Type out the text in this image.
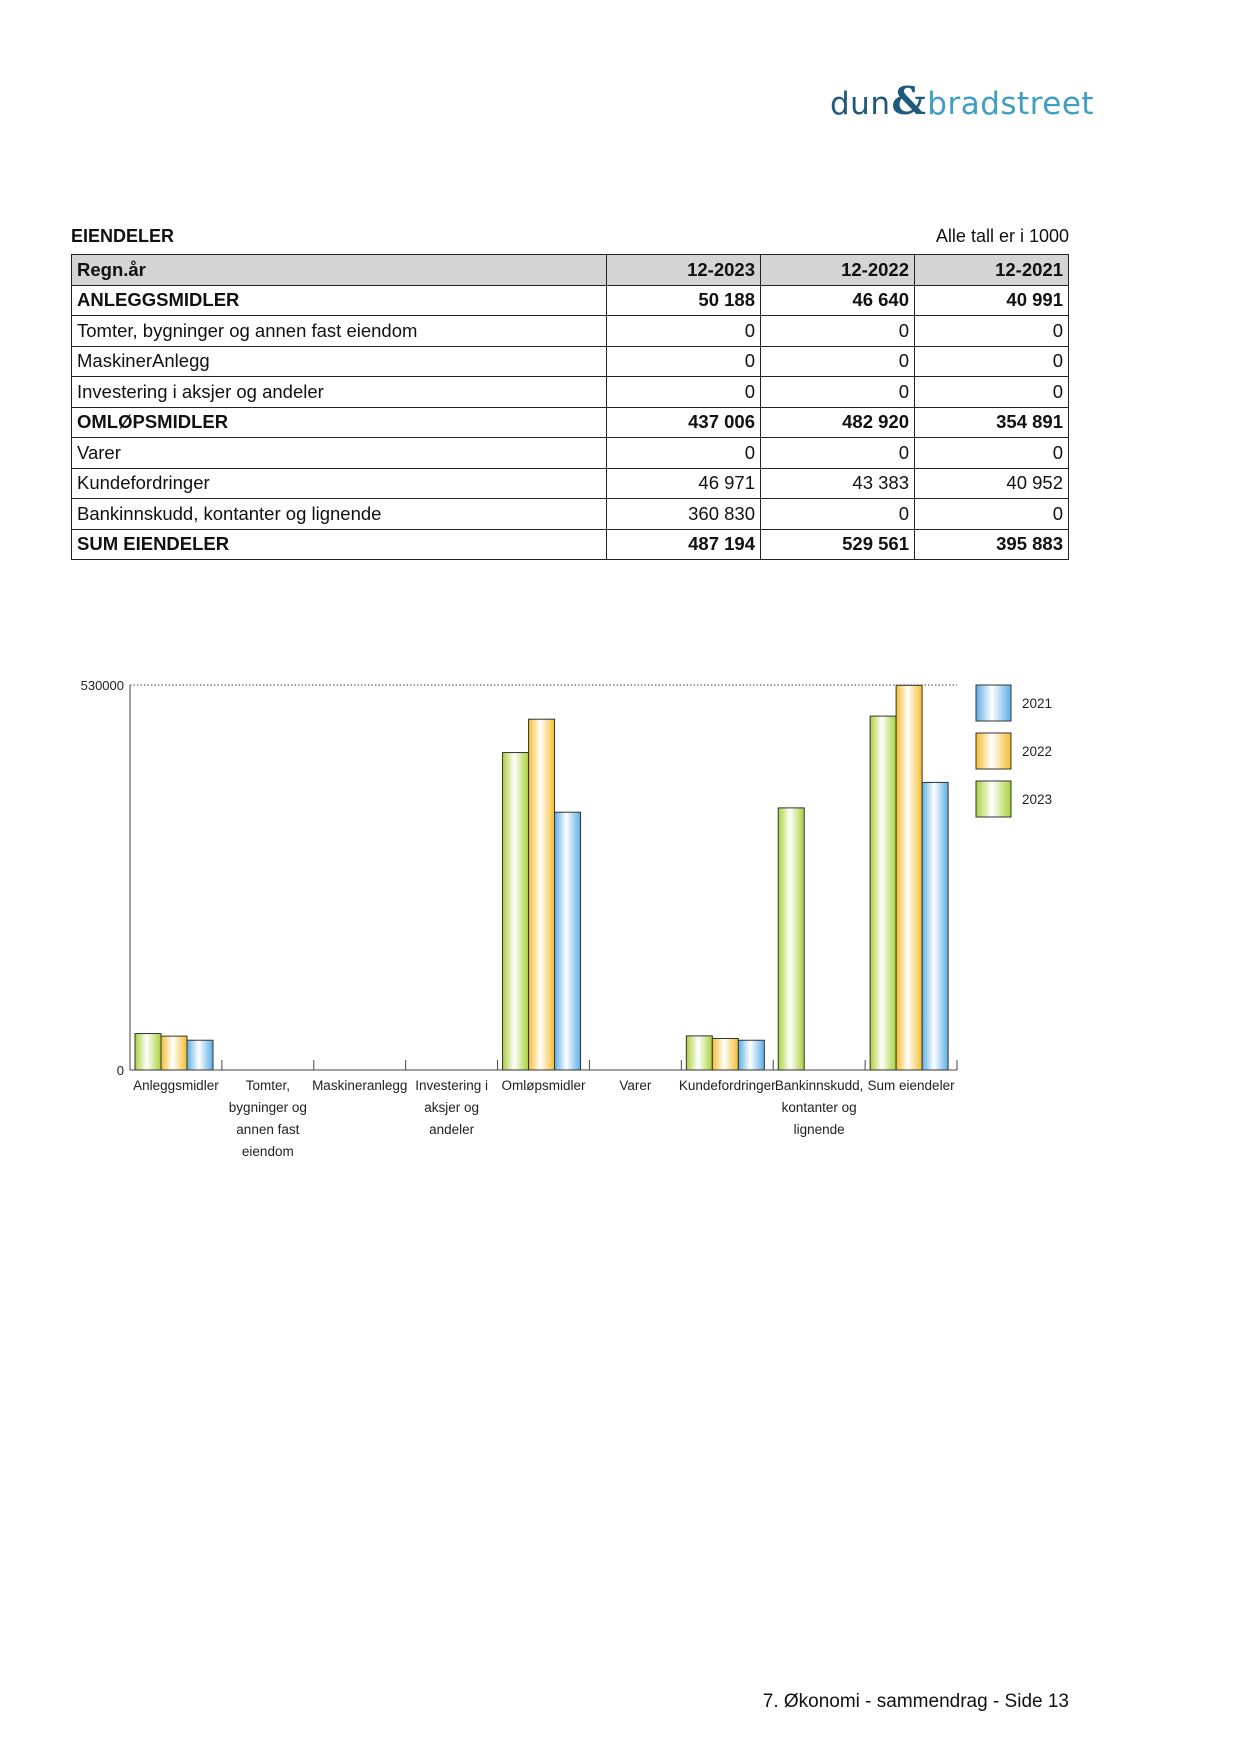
dun&bradstreet
EIENDELER	Alle tall er i 1000
Regn.år	12-2023	12-2022	12-2021
ANLEGGSMIDLER	50 188	46 640	40 991
Tomter, bygninger og annen fast eiendom	0	0	0
MaskinerAnlegg	0	0	0
Investering i aksjer og andeler	0	0	0
OMLØPSMIDLER	437 006	482 920	354 891
Varer	0	0	0
Kundefordringer	46 971	43 383	40 952
Bankinnskudd, kontanter og lignende	360 830	0	0
SUM EIENDELER	487 194	529 561	395 883
530000
0
Anleggsmidler Tomter,
bygninger og
annen fast
eiendom
Maskineranlegg Investering i
aksjer og
andeler
Omløpsmidler	Varer Kundefordringer Bankinnskudd,
kontanter og
lignende
Sum eiendeler
2021
2022
2023
7. Økonomi - sammendrag - Side 13
